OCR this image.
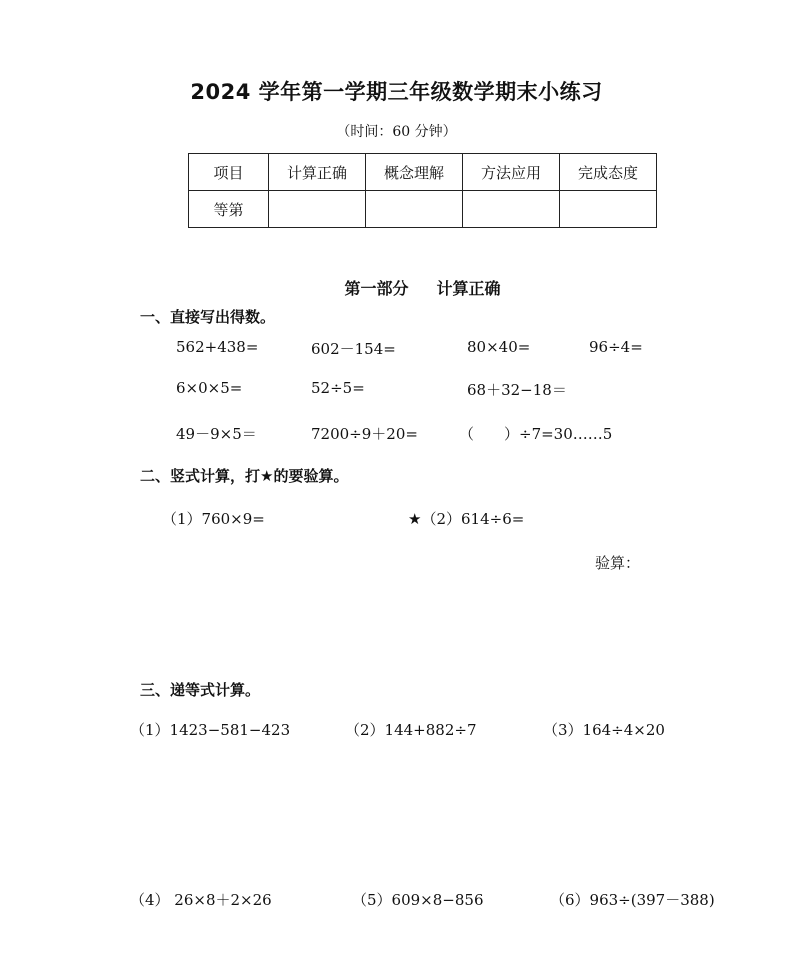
2024 学年第一学期三年级数学期末小练习
（时间：60 分钟）
项目	计算正确	概念理解	方法应用	完成态度
等第				
第一部分 计算正确
一、直接写出得数。
562+438=	602－154=	80×40=	96÷4=
6×0×5=	52÷5=	68＋32−18＝
49－9×5＝	7200÷9＋20=	（　　）÷7=30……5
二、竖式计算，打★的要验算。
（1）760×9=	★（2）614÷6=
验算：
三、递等式计算。
（1）1423−581−423	（2）144+882÷7	（3）164÷4×20
（4） 26×8＋2×26	（5）609×8−856	（6）963÷(397－388)
